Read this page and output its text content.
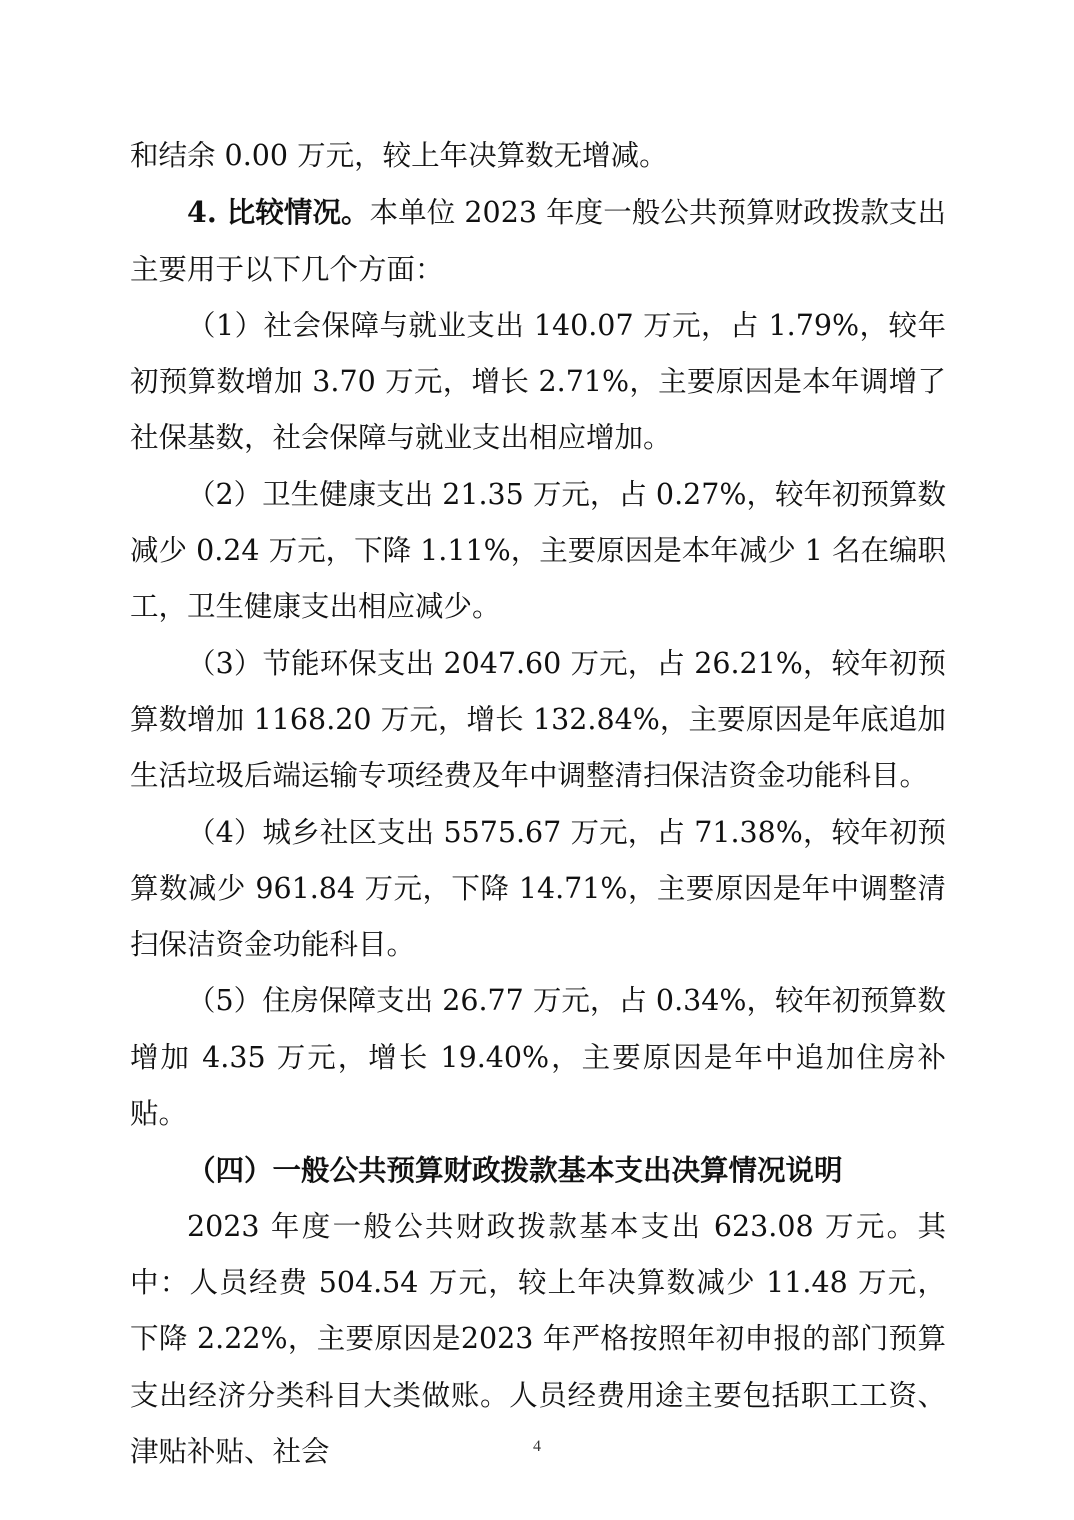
和结余 0.00 万元，较上年决算数无增减。

4. 比较情况。本单位 2023 年度一般公共预算财政拨款支出主要用于以下几个方面：

（1）社会保障与就业支出 140.07 万元，占 1.79%，较年初预算数增加 3.70 万元，增长 2.71%，主要原因是本年调增了社保基数，社会保障与就业支出相应增加。

（2）卫生健康支出 21.35 万元，占 0.27%，较年初预算数减少 0.24 万元，下降 1.11%，主要原因是本年减少 1 名在编职工，卫生健康支出相应减少。

（3）节能环保支出 2047.60 万元，占 26.21%，较年初预算数增加 1168.20 万元，增长 132.84%，主要原因是年底追加生活垃圾后端运输专项经费及年中调整清扫保洁资金功能科目。

（4）城乡社区支出 5575.67 万元，占 71.38%，较年初预算数减少 961.84 万元，下降 14.71%，主要原因是年中调整清扫保洁资金功能科目。

（5）住房保障支出 26.77 万元，占 0.34%，较年初预算数增加 4.35 万元，增长 19.40%，主要原因是年中追加住房补贴。

（四）一般公共预算财政拨款基本支出决算情况说明

2023 年度一般公共财政拨款基本支出 623.08 万元。其中：人员经费 504.54 万元，较上年决算数减少 11.48 万元，下降 2.22%，主要原因是2023 年严格按照年初申报的部门预算支出经济分类科目大类做账。人员经费用途主要包括职工工资、津贴补贴、社会	4
